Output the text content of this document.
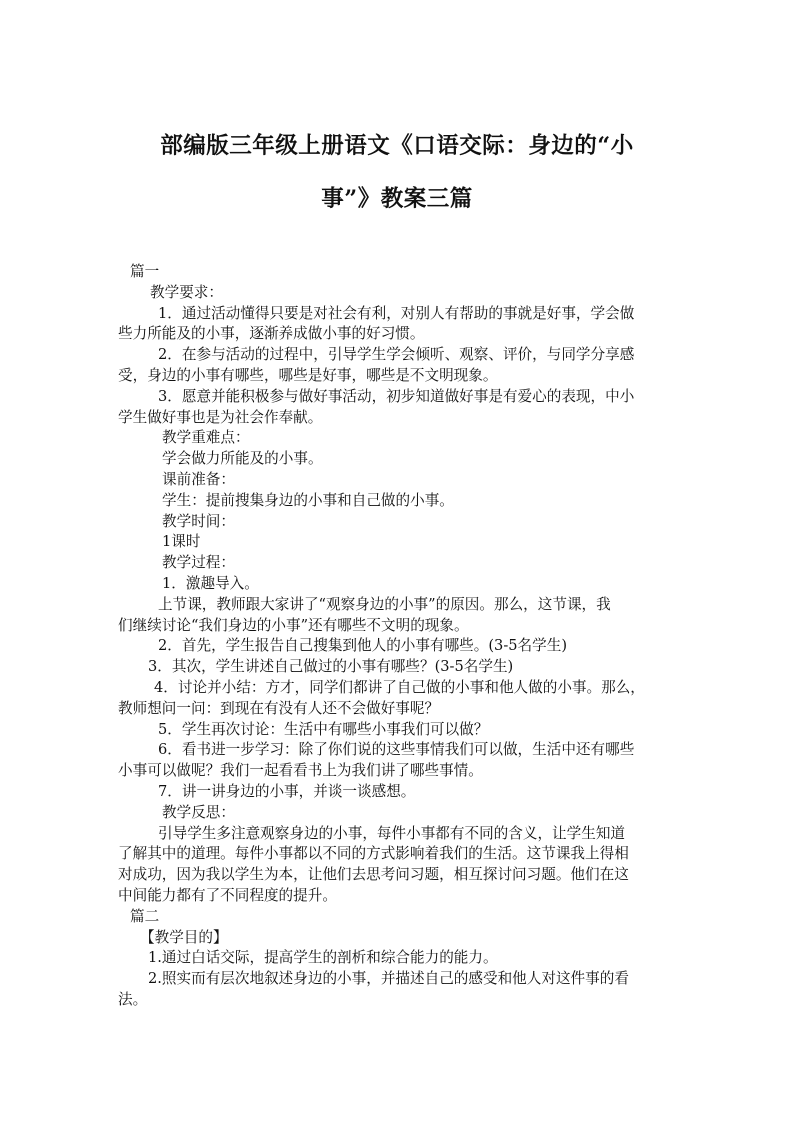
部编版三年级上册语文《口语交际：身边的“小
事”》教案三篇
篇一
教学要求：
1．通过活动懂得只要是对社会有利，对别人有帮助的事就是好事，学会做
些力所能及的小事，逐渐养成做小事的好习惯。
2．在参与活动的过程中，引导学生学会倾听、观察、评价，与同学分享感
受，身边的小事有哪些，哪些是好事，哪些是不文明现象。
3．愿意并能积极参与做好事活动，初步知道做好事是有爱心的表现，中小
学生做好事也是为社会作奉献。
教学重难点：
学会做力所能及的小事。
课前准备：
学生：提前搜集身边的小事和自己做的小事。
教学时间：
1课时
教学过程：
1．激趣导入。
上节课，教师跟大家讲了“观察身边的小事”的原因。那么，这节课，我
们继续讨论“我们身边的小事”还有哪些不文明的现象。
2．首先，学生报告自己搜集到他人的小事有哪些。(3-5名学生)
3．其次，学生讲述自己做过的小事有哪些？(3-5名学生)
4．讨论并小结：方才，同学们都讲了自己做的小事和他人做的小事。那么，
教师想问一问：到现在有没有人还不会做好事呢？
5．学生再次讨论：生活中有哪些小事我们可以做？
6．看书进一步学习：除了你们说的这些事情我们可以做，生活中还有哪些
小事可以做呢？我们一起看看书上为我们讲了哪些事情。
7．讲一讲身边的小事，并谈一谈感想。
教学反思：
引导学生多注意观察身边的小事，每件小事都有不同的含义，让学生知道
了解其中的道理。每件小事都以不同的方式影响着我们的生活。这节课我上得相
对成功，因为我以学生为本，让他们去思考问习题，相互探讨问习题。他们在这
中间能力都有了不同程度的提升。
篇二
【教学目的】
1.通过白话交际，提高学生的剖析和综合能力的能力。
2.照实而有层次地叙述身边的小事，并描述自己的感受和他人对这件事的看
法。
